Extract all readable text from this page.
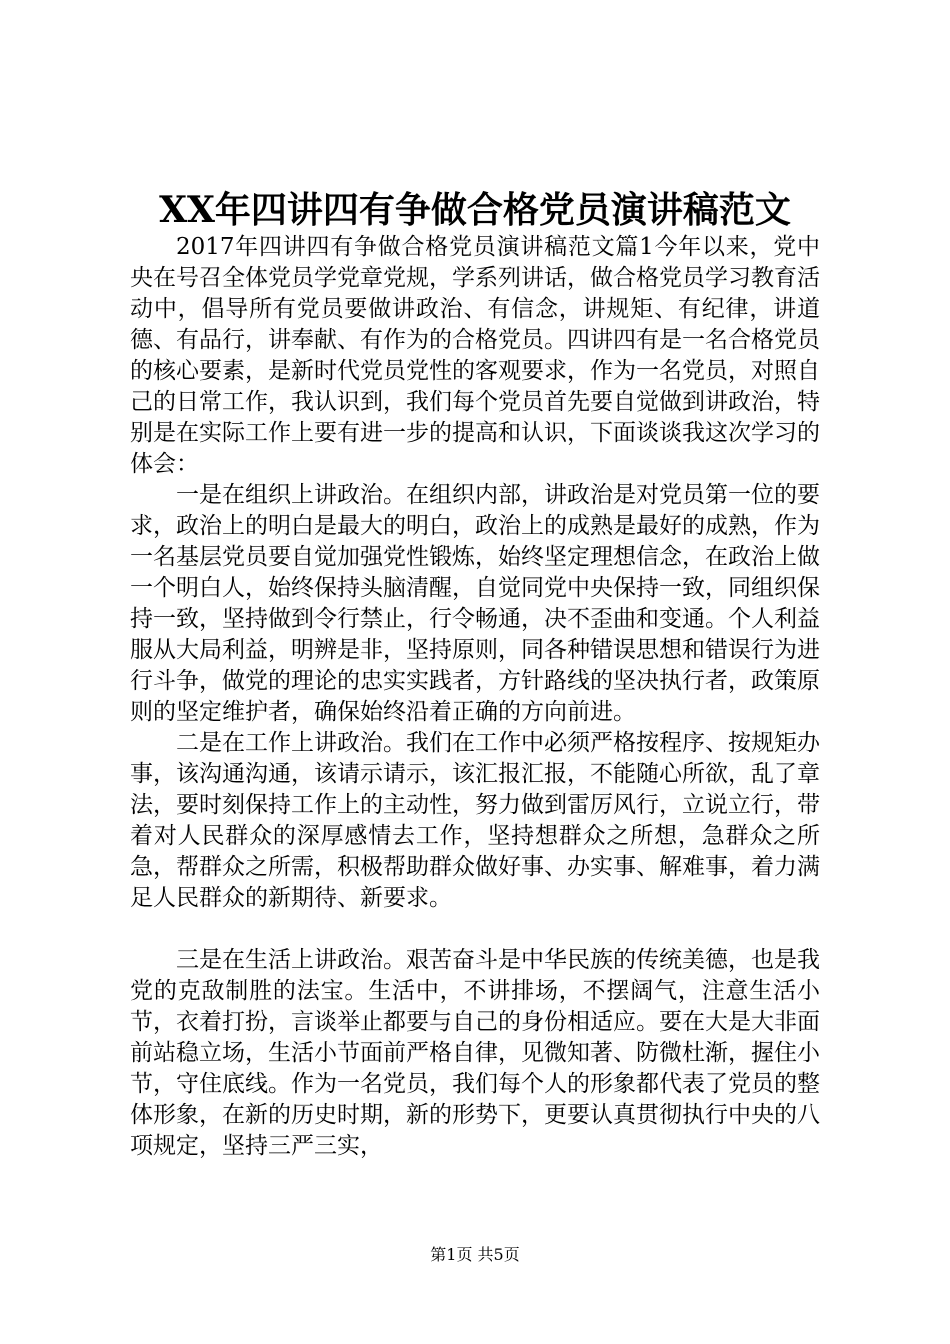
XX年四讲四有争做合格党员演讲稿范文

2017年四讲四有争做合格党员演讲稿范文篇1今年以来，党中央在号召全体党员学党章党规，学系列讲话，做合格党员学习教育活动中，倡导所有党员要做讲政治、有信念，讲规矩、有纪律，讲道德、有品行，讲奉献、有作为的合格党员。四讲四有是一名合格党员的核心要素，是新时代党员党性的客观要求，作为一名党员，对照自己的日常工作，我认识到，我们每个党员首先要自觉做到讲政治，特别是在实际工作上要有进一步的提高和认识，下面谈谈我这次学习的体会：

一是在组织上讲政治。在组织内部，讲政治是对党员第一位的要求，政治上的明白是最大的明白，政治上的成熟是最好的成熟，作为一名基层党员要自觉加强党性锻炼，始终坚定理想信念，在政治上做一个明白人，始终保持头脑清醒，自觉同党中央保持一致，同组织保持一致，坚持做到令行禁止，行令畅通，决不歪曲和变通。个人利益服从大局利益，明辨是非，坚持原则，同各种错误思想和错误行为进行斗争，做党的理论的忠实实践者，方针路线的坚决执行者，政策原则的坚定维护者，确保始终沿着正确的方向前进。

二是在工作上讲政治。我们在工作中必须严格按程序、按规矩办事，该沟通沟通，该请示请示，该汇报汇报，不能随心所欲，乱了章法，要时刻保持工作上的主动性，努力做到雷厉风行，立说立行，带着对人民群众的深厚感情去工作，坚持想群众之所想，急群众之所急，帮群众之所需，积极帮助群众做好事、办实事、解难事，着力满足人民群众的新期待、新要求。

三是在生活上讲政治。艰苦奋斗是中华民族的传统美德，也是我党的克敌制胜的法宝。生活中，不讲排场，不摆阔气，注意生活小节，衣着打扮，言谈举止都要与自己的身份相适应。要在大是大非面前站稳立场，生活小节面前严格自律，见微知著、防微杜渐，握住小节，守住底线。作为一名党员，我们每个人的形象都代表了党员的整体形象，在新的历史时期，新的形势下，更要认真贯彻执行中央的八项规定，坚持三严三实，

第1页 共5页
